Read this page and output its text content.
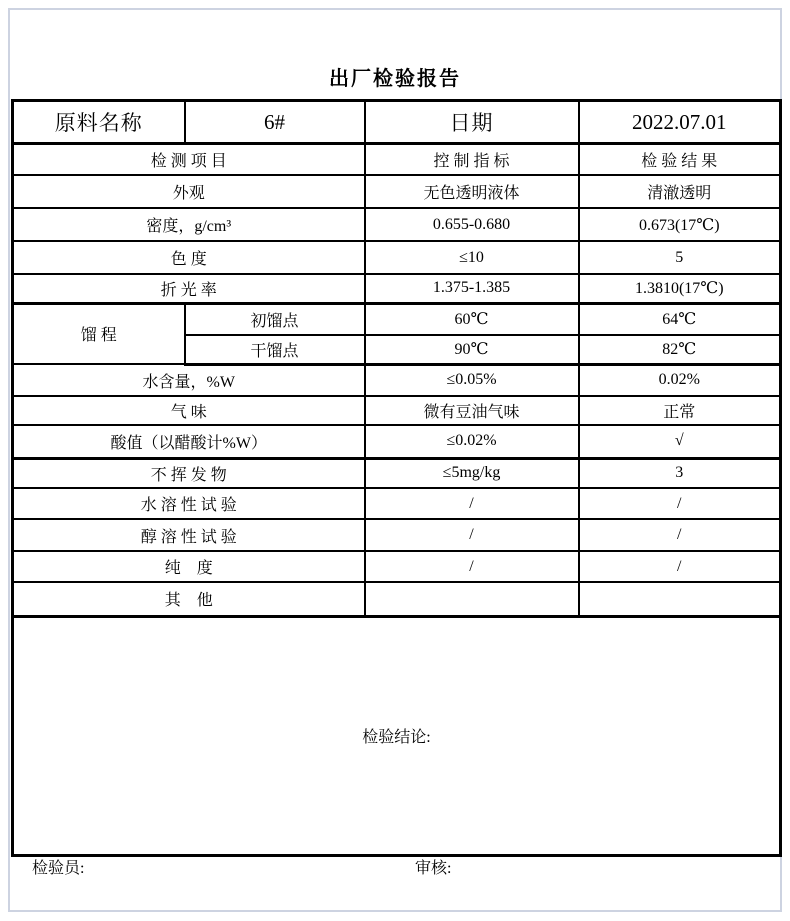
出厂检验报告
原料名称	6#	日期	2022.07.01
检 测 项 目		控 制 指 标	检 验 结 果
外观		无色透明液体	清澈透明
密度，g/cm³		0.655-0.680	0.673(17℃)
色 度		≤10	5
折 光 率		1.375-1.385	1.3810(17℃)
馏 程	初馏点	60℃	64℃
	干馏点	90℃	82℃
水含量，%W		≤0.05%	0.02%
气 味		微有豆油气味	正常
酸值（以醋酸计%W）		≤0.02%	√
不 挥 发 物		≤5mg/kg	3
水 溶 性 试 验		/	/
醇 溶 性 试 验		/	/
纯　度		/	/
其　他			
检验结论:			
检验员:	审核:
